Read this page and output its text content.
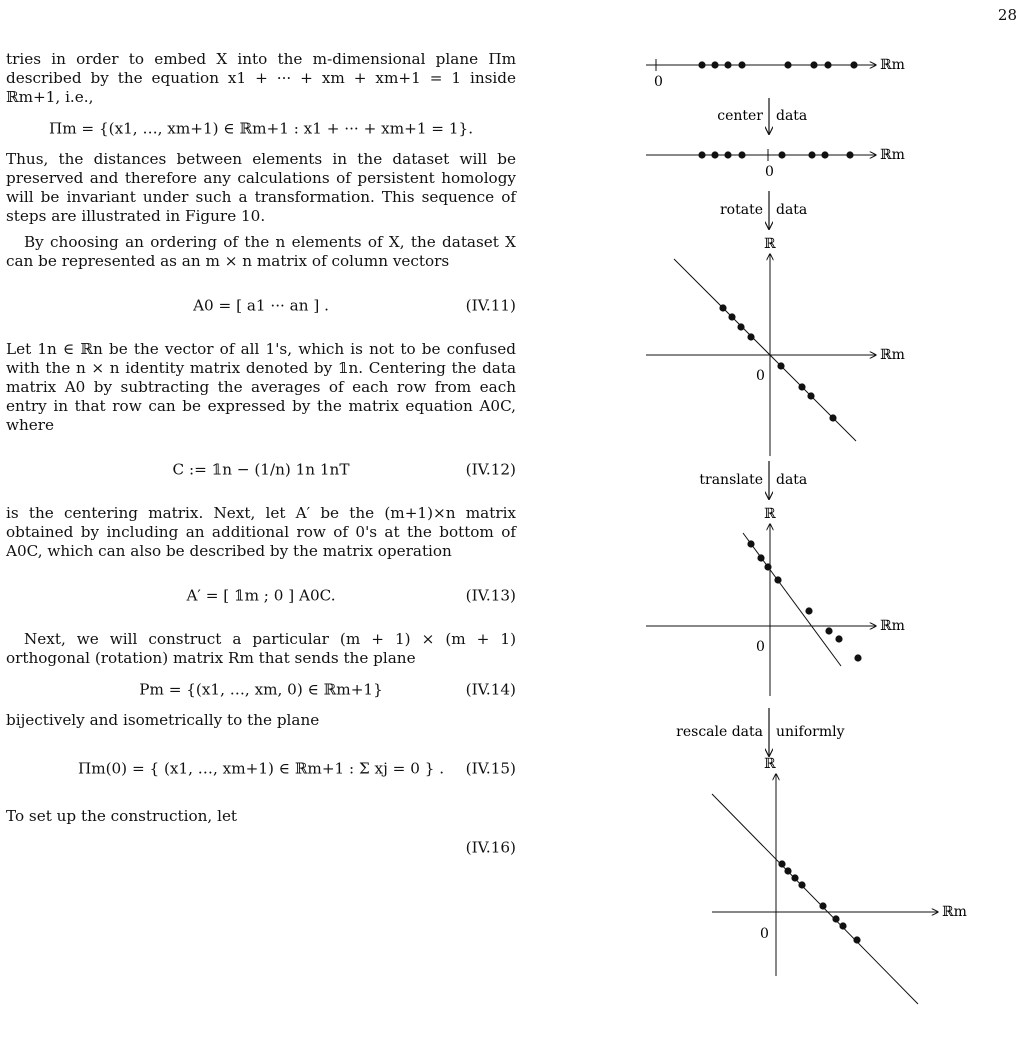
28

tries in order to embed X into the m-dimensional plane Πm described by the equation x1 + ··· + xm + xm+1 = 1 inside ℝm+1, i.e.,

Πm = {(x1, …, xm+1) ∈ ℝm+1 : x1 + ··· + xm+1 = 1}.

Thus, the distances between elements in the dataset will be preserved and therefore any calculations of persistent homology will be invariant under such a transformation. This sequence of steps are illustrated in Figure 10.

By choosing an ordering of the n elements of X, the dataset X can be represented as an m × n matrix of column vectors

A0 = [ a1 ··· an ] .	(IV.11)

Let 1n ∈ ℝn be the vector of all 1's, which is not to be confused with the n × n identity matrix denoted by 𝟙n. Centering the data matrix A0 by subtracting the averages of each row from each entry in that row can be expressed by the matrix equation A0C, where

C := 𝟙n − (1/n) 1n 1nT	(IV.12)

is the centering matrix. Next, let A′ be the (m+1)×n matrix obtained by including an additional row of 0's at the bottom of A0C, which can also be described by the matrix operation

A′ = [ 𝟙m ; 0 ] A0C.	(IV.13)

Next, we will construct a particular (m + 1) × (m + 1) orthogonal (rotation) matrix Rm that sends the plane

Pm = {(x1, …, xm, 0) ∈ ℝm+1}	(IV.14)

bijectively and isometrically to the plane

Πm(0) = { (x1, …, xm+1) ∈ ℝm+1 : Σ xj = 0 } .	(IV.15)

To set up the construction, let

(IV.16)
0
ℝm
center data
0
ℝm
rotate data
ℝ
ℝm
0
translate data
ℝ
ℝm
0
rescale data uniformly
ℝ
ℝm
0
